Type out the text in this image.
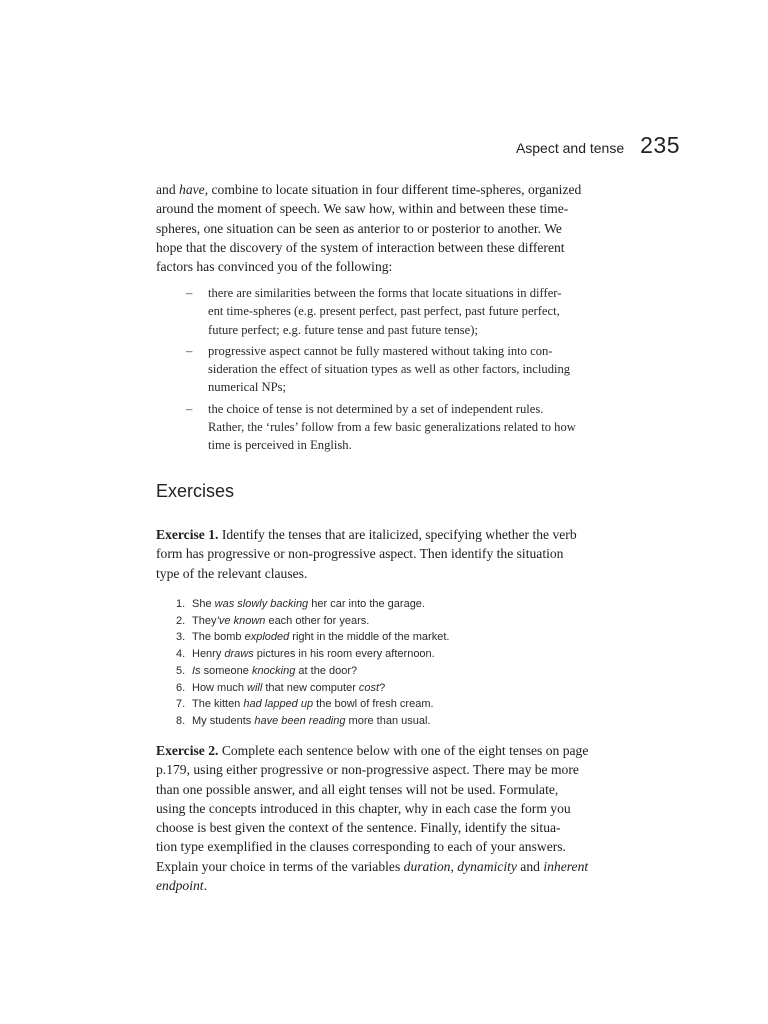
Aspect and tense 235
and have, combine to locate situation in four different time-spheres, organized
around the moment of speech. We saw how, within and between these time-
spheres, one situation can be seen as anterior to or posterior to another. We
hope that the discovery of the system of interaction between these different
factors has convinced you of the following:
– there are similarities between the forms that locate situations in differ-
ent time-spheres (e.g. present perfect, past perfect, past future perfect,
future perfect; e.g. future tense and past future tense);
– progressive aspect cannot be fully mastered without taking into con-
sideration the effect of situation types as well as other factors, including
numerical NPs;
– the choice of tense is not determined by a set of independent rules.
Rather, the ‘rules’ follow from a few basic generalizations related to how
time is perceived in English.
Exercises
Exercise 1. Identify the tenses that are italicized, specifying whether the verb
form has progressive or non-progressive aspect. Then identify the situation
type of the relevant clauses.
1. She was slowly backing her car into the garage.
2. They’ve known each other for years.
3. The bomb exploded right in the middle of the market.
4. Henry draws pictures in his room every afternoon.
5. Is someone knocking at the door?
6. How much will that new computer cost?
7. The kitten had lapped up the bowl of fresh cream.
8. My students have been reading more than usual.
Exercise 2. Complete each sentence below with one of the eight tenses on page
p.179, using either progressive or non-progressive aspect. There may be more
than one possible answer, and all eight tenses will not be used. Formulate,
using the concepts introduced in this chapter, why in each case the form you
choose is best given the context of the sentence. Finally, identify the situa-
tion type exemplified in the clauses corresponding to each of your answers.
Explain your choice in terms of the variables duration, dynamicity and inherent
endpoint.
